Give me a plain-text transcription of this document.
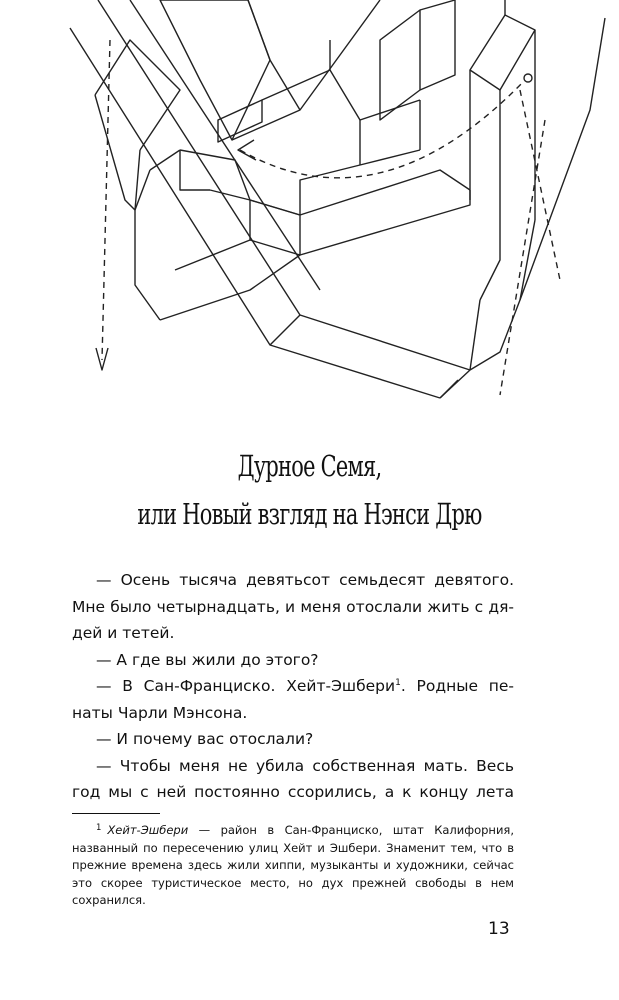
Дурное Семя,
или Новый взгляд на Нэнси Дрю

— Осень тысяча девятьсот семьдесят девятого. Мне было четырнадцать, и меня отослали жить с дя-дей и тетей.

— А где вы жили до этого?

— В Сан-Франциско. Хейт-Эшбери$^1$. Родные пе-наты Чарли Мэнсона.

— И почему вас отослали?

— Чтобы меня не убила собственная мать. Весь год мы с ней постоянно ссорились, а к концу лета

$^1$ Хейт-Эшбери — район в Сан-Франциско, штат Калифорния, названный по пересечению улиц Хейт и Эшбери. Знаменит тем, что в прежние времена здесь жили хиппи, музыканты и художники, сейчас это скорее туристическое место, но дух прежней свободы в нем сохранился.
13
